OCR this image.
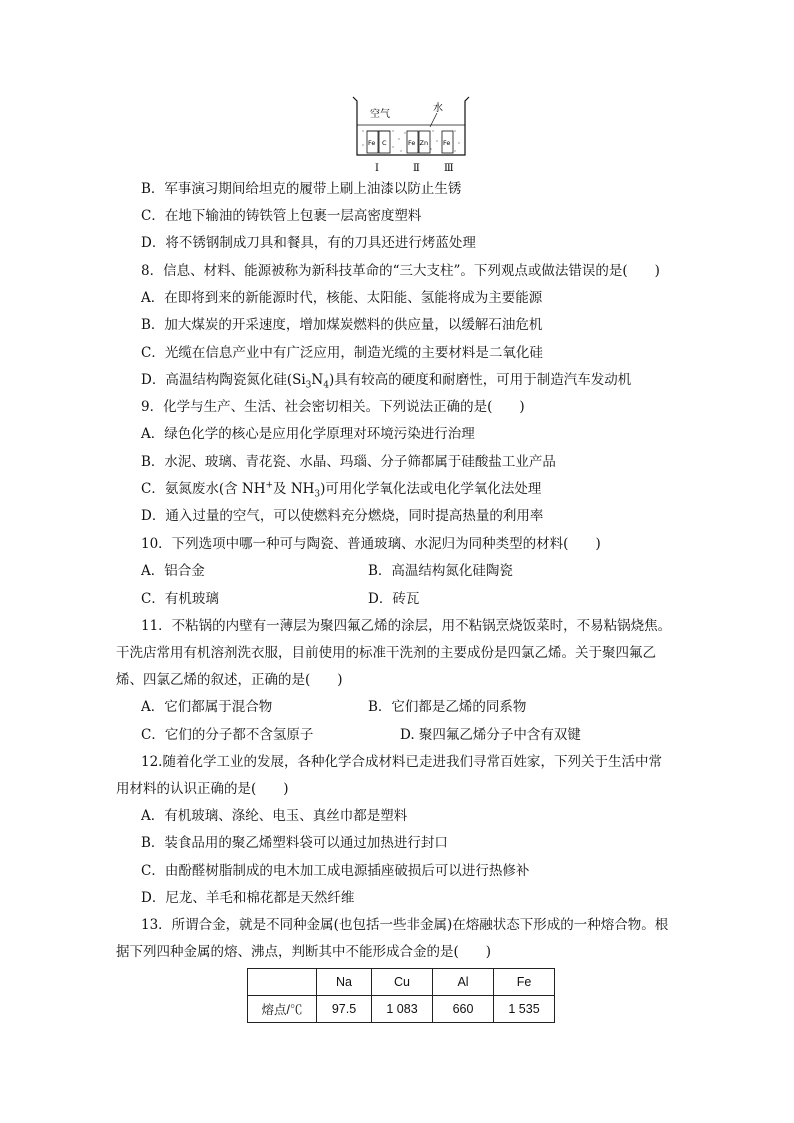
空气
水
Fe C	Fe Zn Fe
Ⅰ	Ⅱ Ⅲ
B．军事演习期间给坦克的履带上刷上油漆以防止生锈
C．在地下输油的铸铁管上包裹一层高密度塑料
D．将不锈钢制成刀具和餐具，有的刀具还进行烤蓝处理
8．信息、材料、能源被称为新科技革命的“三大支柱”。下列观点或做法错误的是(　　)
A．在即将到来的新能源时代，核能、太阳能、氢能将成为主要能源
B．加大煤炭的开采速度，增加煤炭燃料的供应量，以缓解石油危机
C．光缆在信息产业中有广泛应用，制造光缆的主要材料是二氧化硅
D．高温结构陶瓷氮化硅$(Si_3N_4)$具有较高的硬度和耐磨性，可用于制造汽车发动机
9．化学与生产、生活、社会密切相关。下列说法正确的是(　　)
A．绿色化学的核心是应用化学原理对环境污染进行治理
B．水泥、玻璃、青花瓷、水晶、玛瑙、分子筛都属于硅酸盐工业产品
C．氨氮废水(含 NH+及 $NH_3$)可用化学氧化法或电化学氧化法处理
D．通入过量的空气，可以使燃料充分燃烧，同时提高热量的利用率
10．下列选项中哪一种可与陶瓷、普通玻璃、水泥归为同种类型的材料(　　)
A．铝合金	B．高温结构氮化硅陶瓷
C．有机玻璃	D．砖瓦
11．不粘锅的内壁有一薄层为聚四氟乙烯的涂层，用不粘锅烹烧饭菜时，不易粘锅烧焦。
干洗店常用有机溶剂洗衣服，目前使用的标准干洗剂的主要成份是四氯乙烯。关于聚四氟乙
烯、四氯乙烯的叙述，正确的是(　　)
A．它们都属于混合物	B．它们都是乙烯的同系物
C．它们的分子都不含氢原子	D. 聚四氟乙烯分子中含有双键
12.随着化学工业的发展，各种化学合成材料已走进我们寻常百姓家，下列关于生活中常
用材料的认识正确的是(　　)
A．有机玻璃、涤纶、电玉、真丝巾都是塑料
B．装食品用的聚乙烯塑料袋可以通过加热进行封口
C．由酚醛树脂制成的电木加工成电源插座破损后可以进行热修补
D．尼龙、羊毛和棉花都是天然纤维
13．所谓合金，就是不同种金属(也包括一些非金属)在熔融状态下形成的一种熔合物。根
据下列四种金属的熔、沸点，判断其中不能形成合金的是(　　)
	Na	Cu	Al	Fe
熔点/℃	97.5	1 083	660	1 535
